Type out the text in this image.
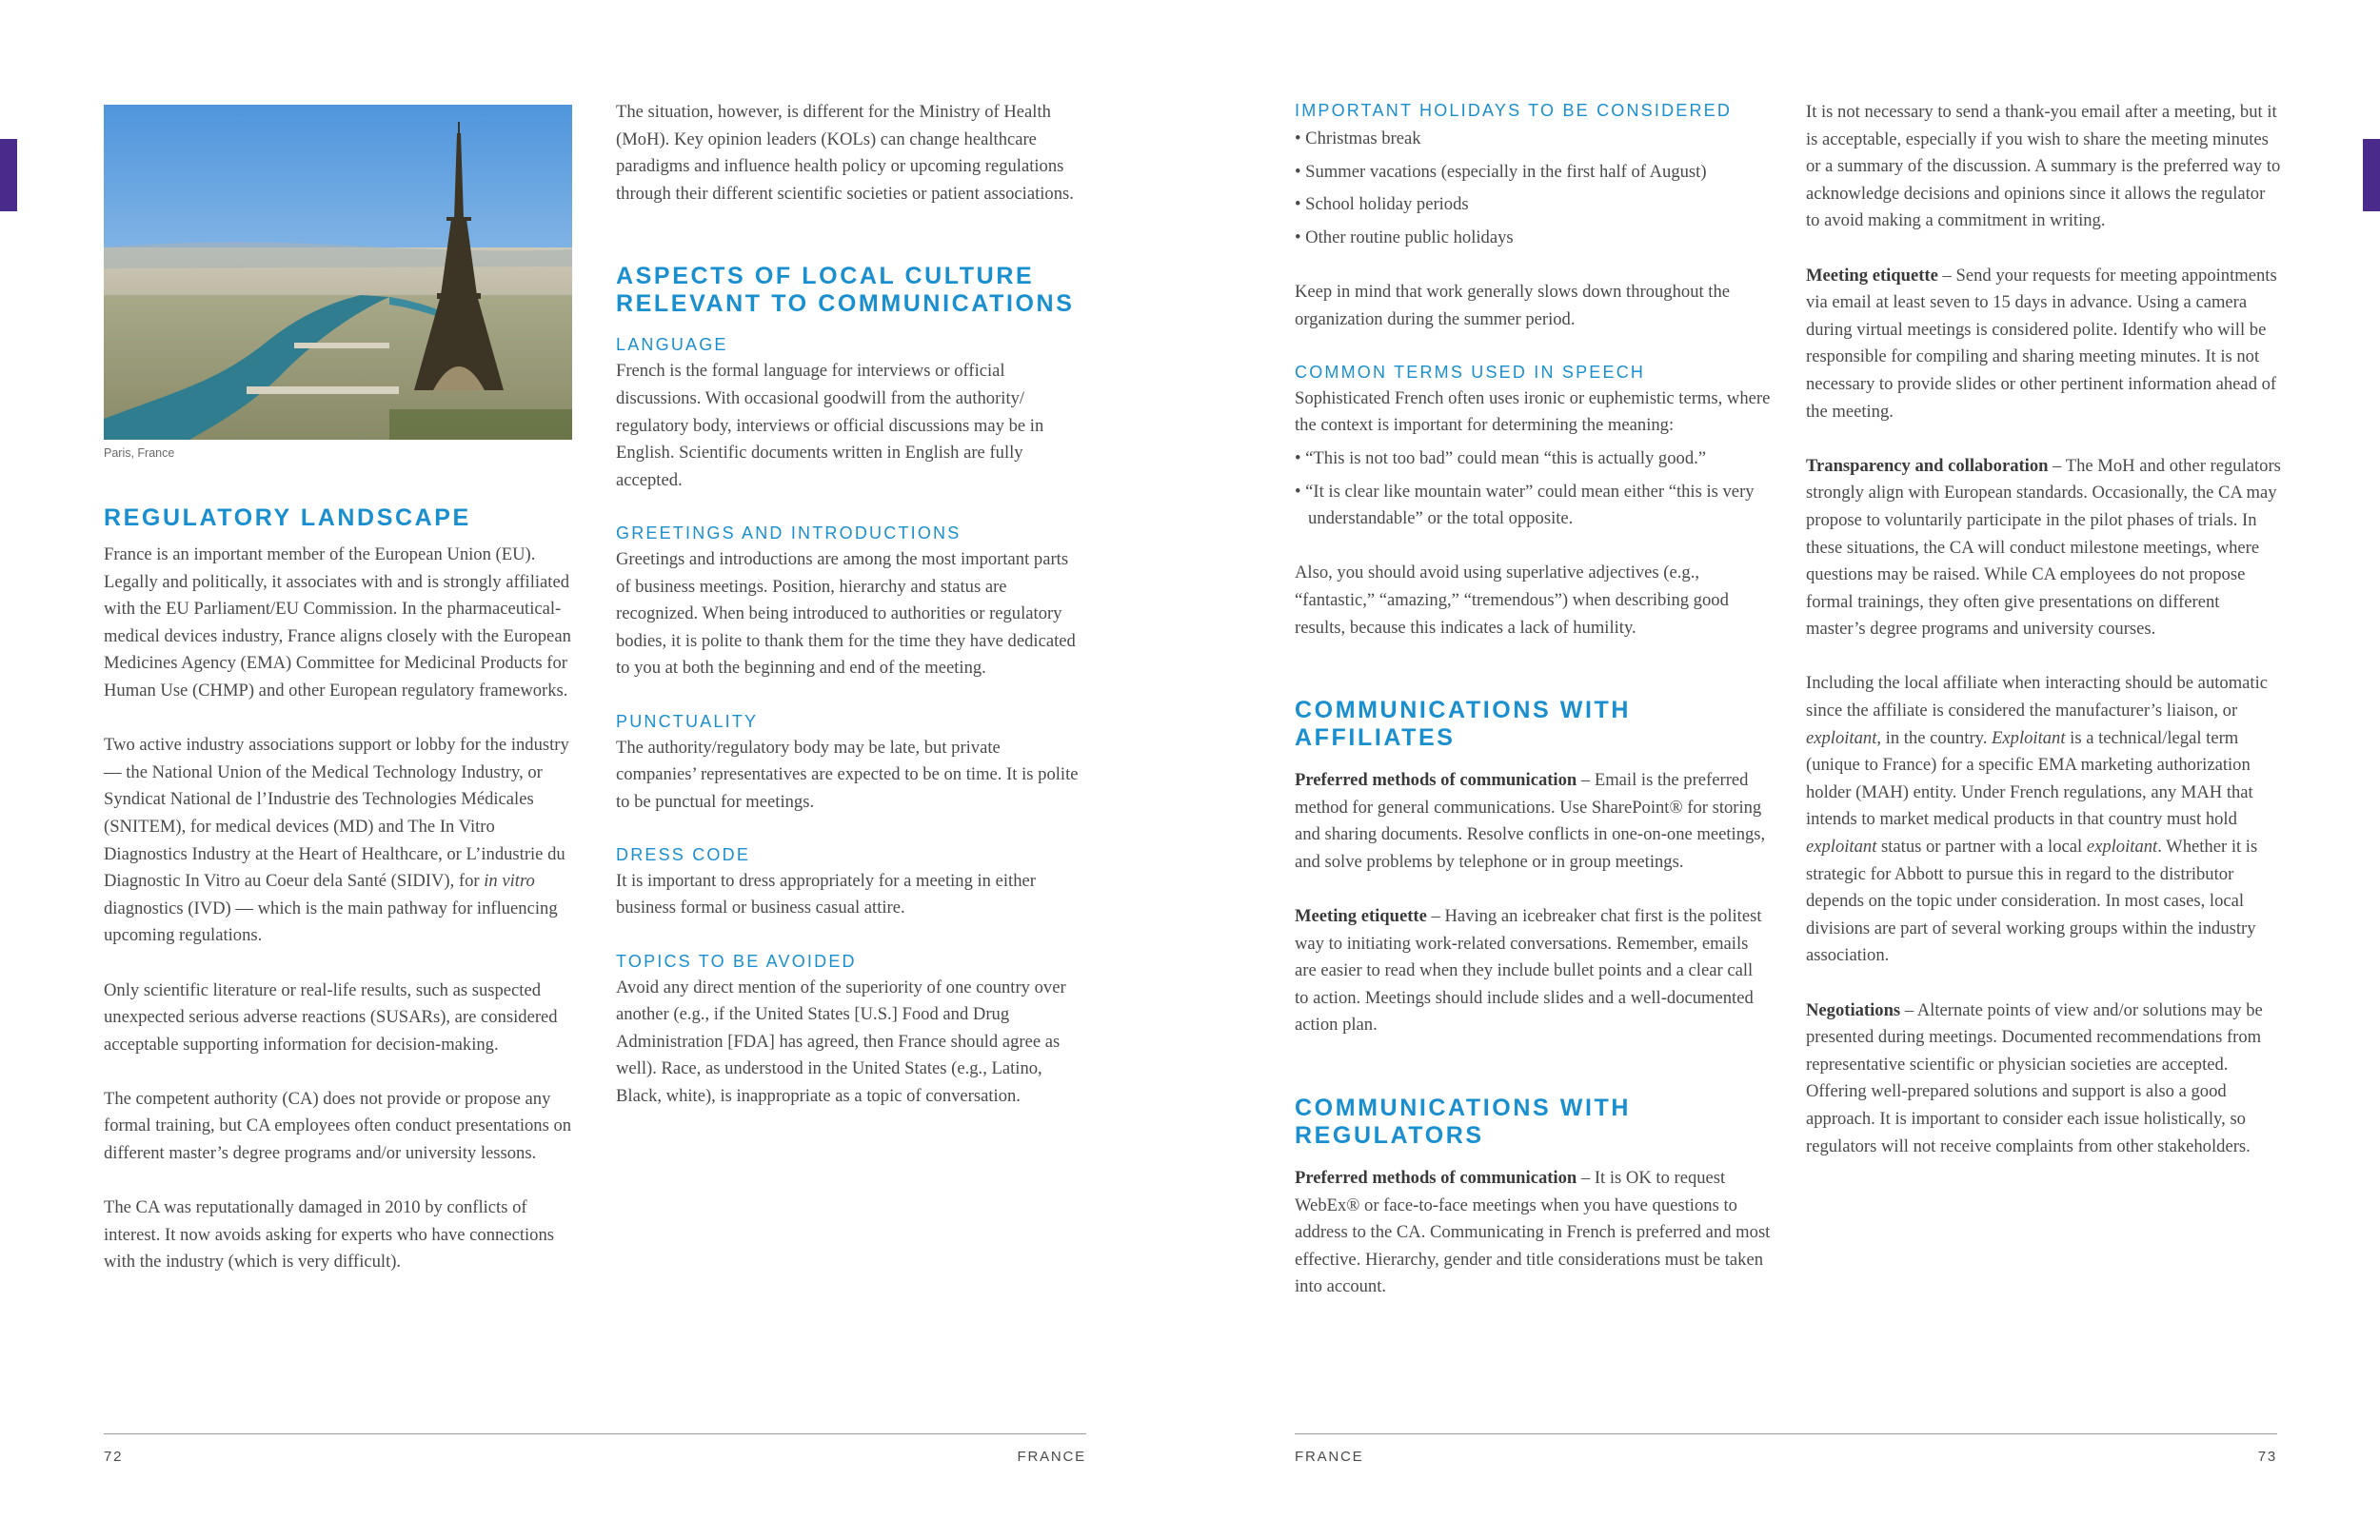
Paris, France
REGULATORY LANDSCAPE

France is an important member of the European Union (EU). Legally and politically, it associates with and is strongly affiliated with the EU Parliament/EU Commission. In the pharmaceutical-medical devices industry, France aligns closely with the European Medicines Agency (EMA) Committee for Medicinal Products for Human Use (CHMP) and other European regulatory frameworks.

Two active industry associations support or lobby for the industry — the National Union of the Medical Technology Industry, or Syndicat National de l’Industrie des Technologies Médicales (SNITEM), for medical devices (MD) and The In Vitro Diagnostics Industry at the Heart of Healthcare, or L’industrie du Diagnostic In Vitro au Coeur dela Santé (SIDIV), for in vitro diagnostics (IVD) — which is the main pathway for influencing upcoming regulations.

Only scientific literature or real-life results, such as suspected unexpected serious adverse reactions (SUSARs), are considered acceptable supporting information for decision-making.

The competent authority (CA) does not provide or propose any formal training, but CA employees often conduct presentations on different master’s degree programs and/or university lessons.

The CA was reputationally damaged in 2010 by conflicts of interest. It now avoids asking for experts who have connections with the industry (which is very difficult).

The situation, however, is different for the Ministry of Health (MoH). Key opinion leaders (KOLs) can change healthcare paradigms and influence health policy or upcoming regulations through their different scientific societies or patient associations.

ASPECTS OF LOCAL CULTURE
RELEVANT TO COMMUNICATIONS
LANGUAGE

French is the formal language for interviews or official discussions. With occasional goodwill from the authority/ regulatory body, interviews or official discussions may be in English. Scientific documents written in English are fully accepted.

GREETINGS AND INTRODUCTIONS

Greetings and introductions are among the most important parts of business meetings. Position, hierarchy and status are recognized. When being introduced to authorities or regulatory bodies, it is polite to thank them for the time they have dedicated to you at both the beginning and end of the meeting.

PUNCTUALITY

The authority/regulatory body may be late, but private companies’ representatives are expected to be on time. It is polite to be punctual for meetings.

DRESS CODE

It is important to dress appropriately for a meeting in either business formal or business casual attire.

TOPICS TO BE AVOIDED

Avoid any direct mention of the superiority of one country over another (e.g., if the United States [U.S.] Food and Drug Administration [FDA] has agreed, then France should agree as well). Race, as understood in the United States (e.g., Latino, Black, white), is inappropriate as a topic of conversation.

IMPORTANT HOLIDAYS TO BE CONSIDERED
• Christmas break
• Summer vacations (especially in the first half of August)
• School holiday periods
• Other routine public holidays

Keep in mind that work generally slows down throughout the organization during the summer period.

COMMON TERMS USED IN SPEECH

Sophisticated French often uses ironic or euphemistic terms, where the context is important for determining the meaning:

• “This is not too bad” could mean “this is actually good.”
• “It is clear like mountain water” could mean either “this is very understandable” or the total opposite.

Also, you should avoid using superlative adjectives (e.g., “fantastic,” “amazing,” “tremendous”) when describing good results, because this indicates a lack of humility.

COMMUNICATIONS WITH
AFFILIATES

Preferred methods of communication – Email is the preferred method for general communications. Use SharePoint® for storing and sharing documents. Resolve conflicts in one-on-one meetings, and solve problems by telephone or in group meetings.

Meeting etiquette – Having an icebreaker chat first is the politest way to initiating work-related conversations. Remember, emails are easier to read when they include bullet points and a clear call to action. Meetings should include slides and a well-documented action plan.

COMMUNICATIONS WITH
REGULATORS

Preferred methods of communication – It is OK to request WebEx® or face-to-face meetings when you have questions to address to the CA. Communicating in French is preferred and most effective. Hierarchy, gender and title considerations must be taken into account.

It is not necessary to send a thank-you email after a meeting, but it is acceptable, especially if you wish to share the meeting minutes or a summary of the discussion. A summary is the preferred way to acknowledge decisions and opinions since it allows the regulator to avoid making a commitment in writing.

Meeting etiquette – Send your requests for meeting appointments via email at least seven to 15 days in advance. Using a camera during virtual meetings is considered polite. Identify who will be responsible for compiling and sharing meeting minutes. It is not necessary to provide slides or other pertinent information ahead of the meeting.

Transparency and collaboration – The MoH and other regulators strongly align with European standards. Occasionally, the CA may propose to voluntarily participate in the pilot phases of trials. In these situations, the CA will conduct milestone meetings, where questions may be raised. While CA employees do not propose formal trainings, they often give presentations on different master’s degree programs and university courses.

Including the local affiliate when interacting should be automatic since the affiliate is considered the manufacturer’s liaison, or exploitant, in the country. Exploitant is a technical/legal term (unique to France) for a specific EMA marketing authorization holder (MAH) entity. Under French regulations, any MAH that intends to market medical products in that country must hold exploitant status or partner with a local exploitant. Whether it is strategic for Abbott to pursue this in regard to the distributor depends on the topic under consideration. In most cases, local divisions are part of several working groups within the industry association.

Negotiations – Alternate points of view and/or solutions may be presented during meetings. Documented recommendations from representative scientific or physician societies are accepted. Offering well-prepared solutions and support is also a good approach. It is important to consider each issue holistically, so regulators will not receive complaints from other stakeholders.

72	FRANCE	FRANCE	73
